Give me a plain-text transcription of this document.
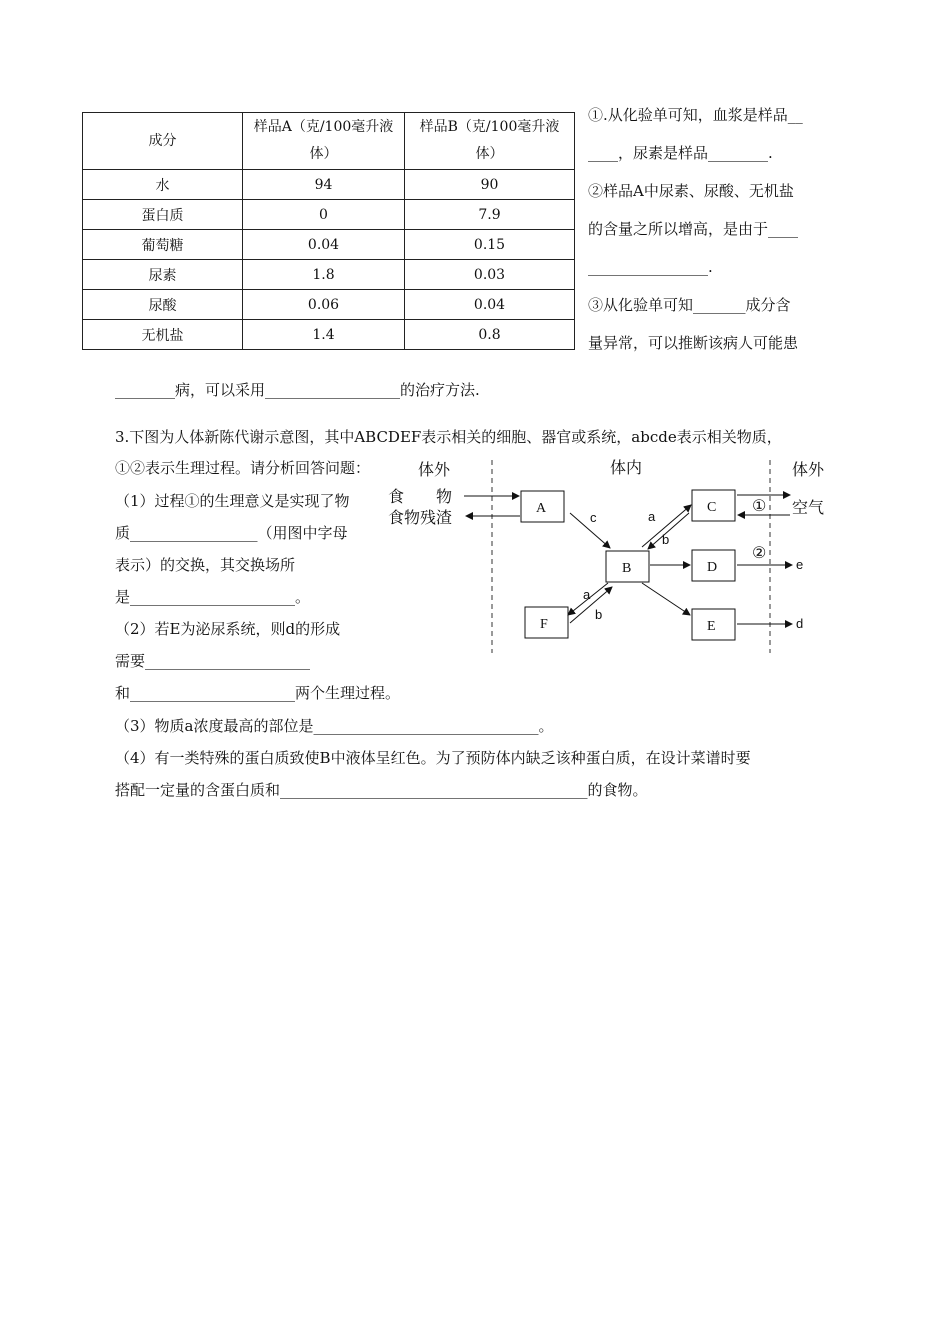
成分	样品A（克/100毫升液体）	样品B（克/100毫升液体）
水	94	90
蛋白质	0	7.9
葡萄糖	0.04	0.15
尿素	1.8	0.03
尿酸	0.06	0.04
无机盐	1.4	0.8
①.从化验单可知，血浆是样品__
____，尿素是样品________.
②样品A中尿素、尿酸、无机盐
的含量之所以增高，是由于____
________________.
③从化验单可知_______成分含
量异常，可以推断该病人可能患
________病，可以采用__________________的治疗方法.
3.下图为人体新陈代谢示意图，其中ABCDEF表示相关的细胞、器官或系统，abcde表示相关物质，
①②表示生理过程。请分析回答问题：
（1）过程①的生理意义是实现了物
质_________________（用图中字母
表示）的交换，其交换场所
是______________________。
（2）若E为泌尿系统，则d的形成
需要______________________
和______________________两个生理过程。
（3）物质a浓度最高的部位是______________________________。
（4）有一类特殊的蛋白质致使B中液体呈红色。为了预防体内缺乏该种蛋白质，在设计菜谱时要
搭配一定量的含蛋白质和_________________________________________的食物。
体外	体内	体外
食　　物
食物残渣
空气
A
B
C
D
E
F
c	a
b
①
②
e
d
a
b
